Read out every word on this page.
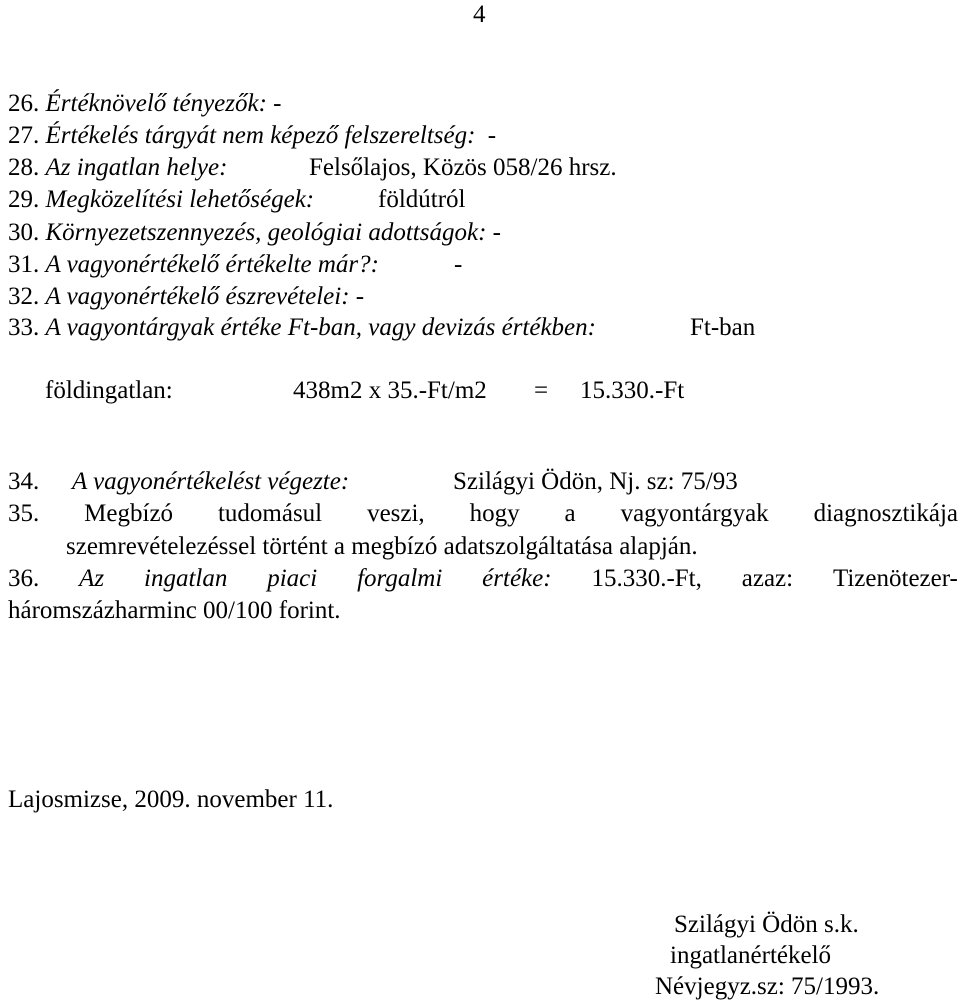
4
26. Értéknövelő tényezők: -
27. Értékelés tárgyát nem képező felszereltség: -
28. Az ingatlan helye:	Felsőlajos, Közös 058/26 hrsz.
29. Megközelítési lehetőségek:	földútról
30. Környezetszennyezés, geológiai adottságok: -
31. A vagyonértékelő értékelte már?:	-
32. A vagyonértékelő észrevételei: -
33. A vagyontárgyak értéke Ft-ban, vagy devizás értékben:	Ft-ban
földingatlan:	438m2 x 35.-Ft/m2 = 15.330.-Ft
34. A vagyonértékelést végezte:	Szilágyi Ödön, Nj. sz: 75/93
35. Megbízó tudomásul veszi, hogy a vagyontárgyak diagnosztikája
szemrevételezéssel történt a megbízó adatszolgáltatása alapján.
36. Az ingatlan piaci forgalmi értéke: 15.330.-Ft, azaz: Tizenötezer-
háromszázharminc 00/100 forint.
Lajosmizse, 2009. november 11.
Szilágyi Ödön s.k.
ingatlanértékelő
Névjegyz.sz: 75/1993.
